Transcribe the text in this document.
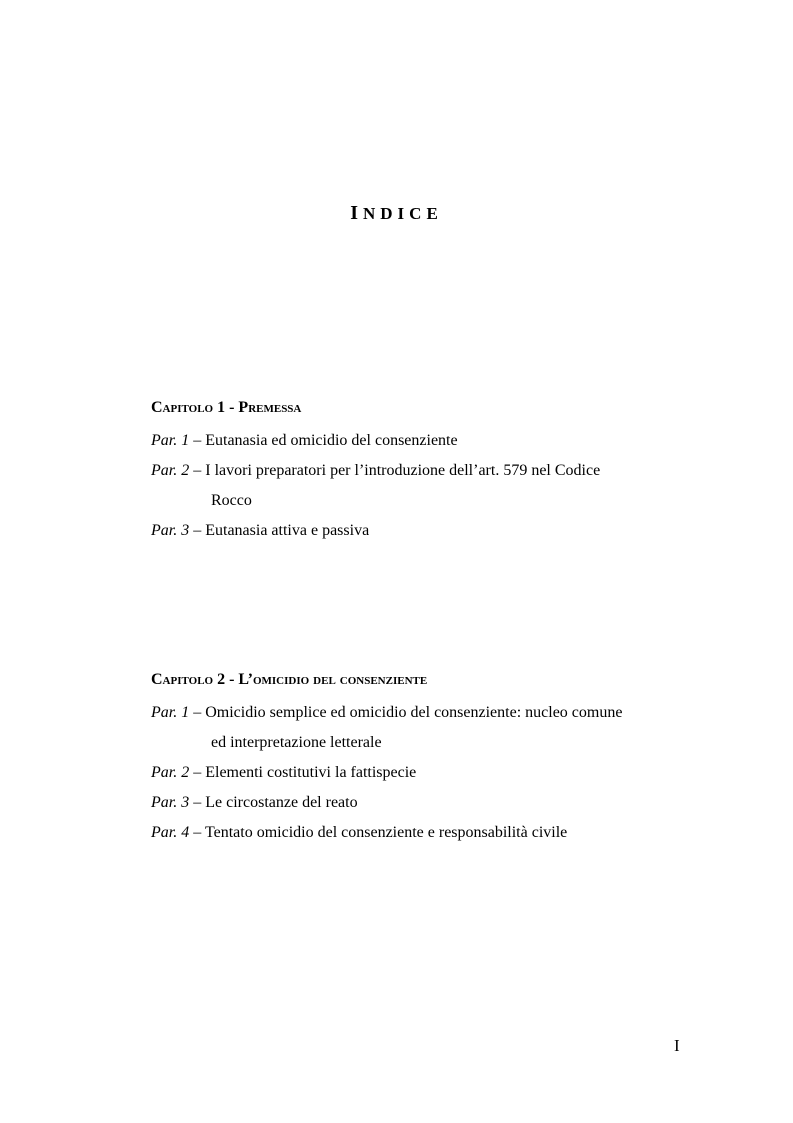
INDICE
Capitolo 1 - Premessa

Par. 1 – Eutanasia ed omicidio del consenziente

Par. 2 – I lavori preparatori per l’introduzione dell’art. 579 nel Codice
Rocco

Par. 3 – Eutanasia attiva e passiva

Capitolo 2 - L’omicidio del consenziente

Par. 1 – Omicidio semplice ed omicidio del consenziente: nucleo comune
ed interpretazione letterale

Par. 2 – Elementi costitutivi la fattispecie

Par. 3 – Le circostanze del reato

Par. 4 – Tentato omicidio del consenziente e responsabilità civile

I
